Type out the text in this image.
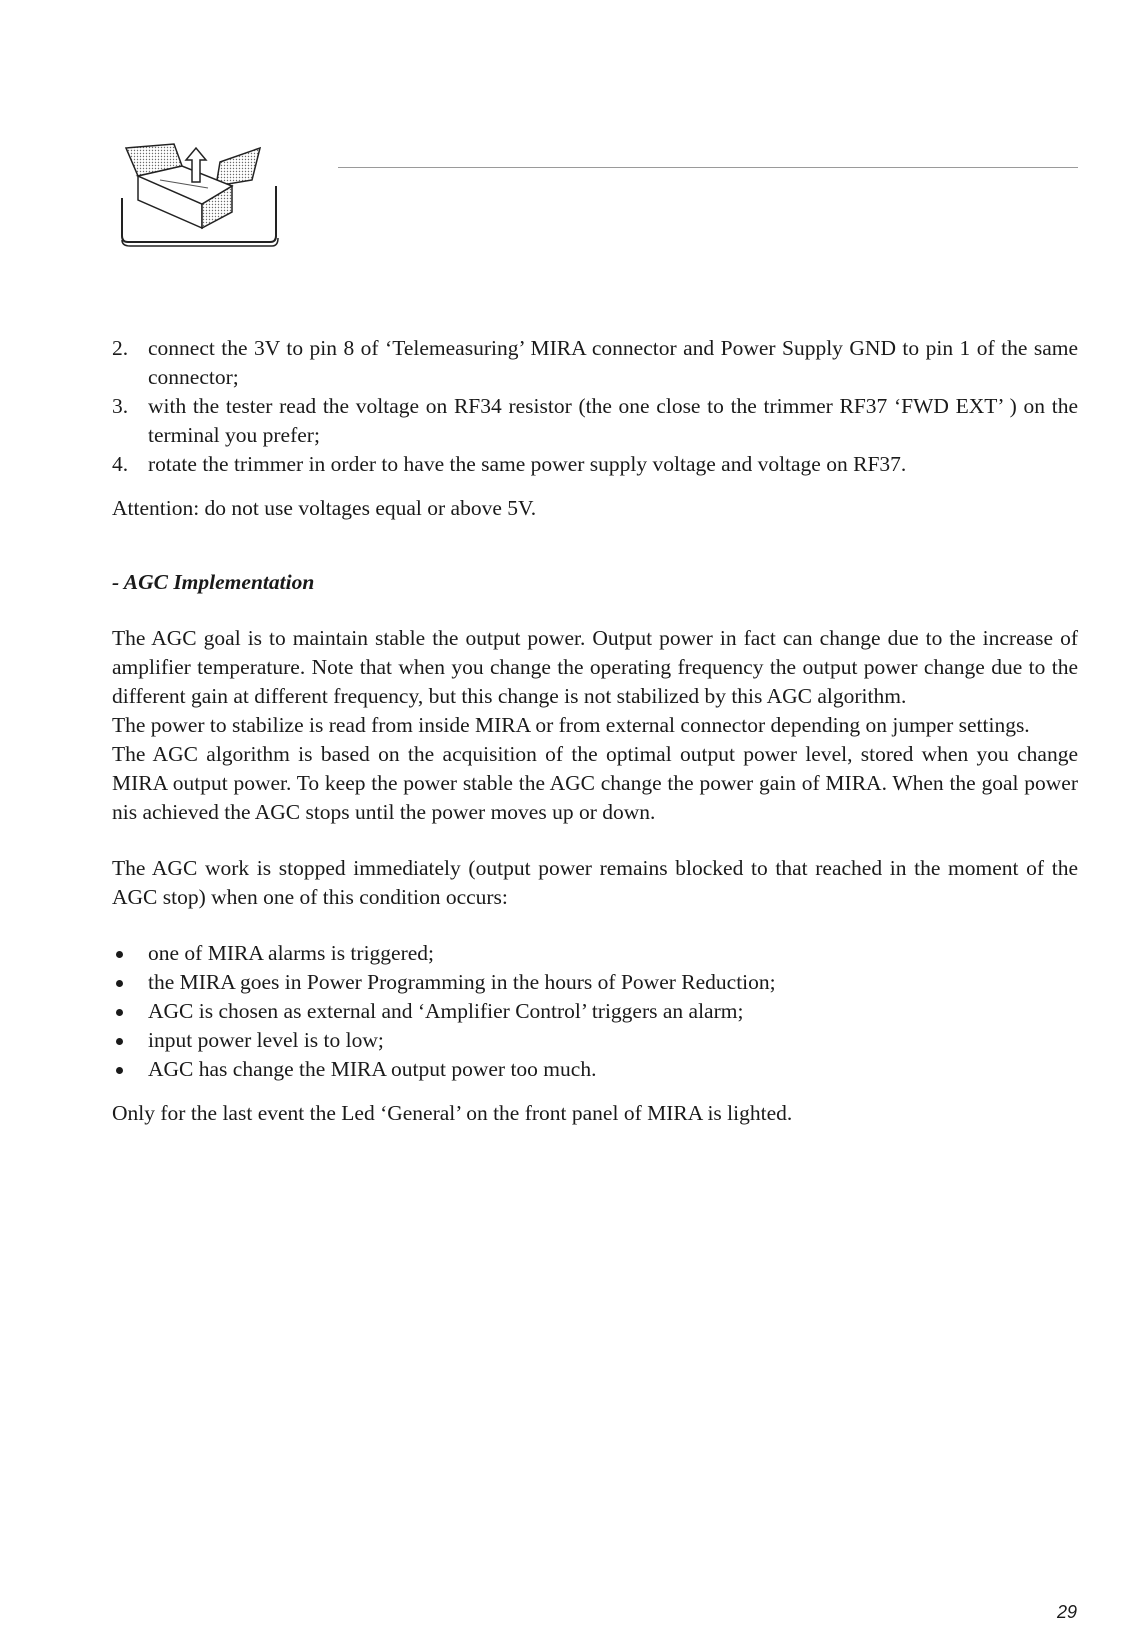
2. connect the 3V to pin 8 of ‘Telemeasuring’ MIRA connector and Power Supply GND to pin 1 of the same connector;
3. with the tester read the voltage on RF34 resistor (the one close to the trimmer RF37 ‘FWD EXT’ ) on the terminal you prefer;
4. rotate the trimmer in order to have the same power supply voltage and voltage on RF37.

Attention: do not use voltages equal or above 5V.

- AGC Implementation

The AGC goal is to maintain stable the output power. Output power in fact can change due to the increase of amplifier temperature. Note that when you change the operating frequency the output power change due to the different gain at different frequency, but this change is not stabilized by this AGC algorithm.

The power to stabilize is read from inside MIRA or from external connector depending on jumper settings.

The AGC algorithm is based on the acquisition of the optimal output power level, stored when you change MIRA output power. To keep the power stable the AGC change the power gain of MIRA. When the goal power nis achieved the AGC stops until the power moves up or down.

The AGC work is stopped immediately (output power remains blocked to that reached in the moment of the AGC stop) when one of this condition occurs:

one of MIRA alarms is triggered;
the MIRA goes in Power Programming in the hours of Power Reduction;
AGC is chosen as external and ‘Amplifier Control’ triggers an alarm;
input power level is to low;
AGC has change the MIRA output power too much.

Only for the last event the Led ‘General’ on the front panel of MIRA is lighted.

29
